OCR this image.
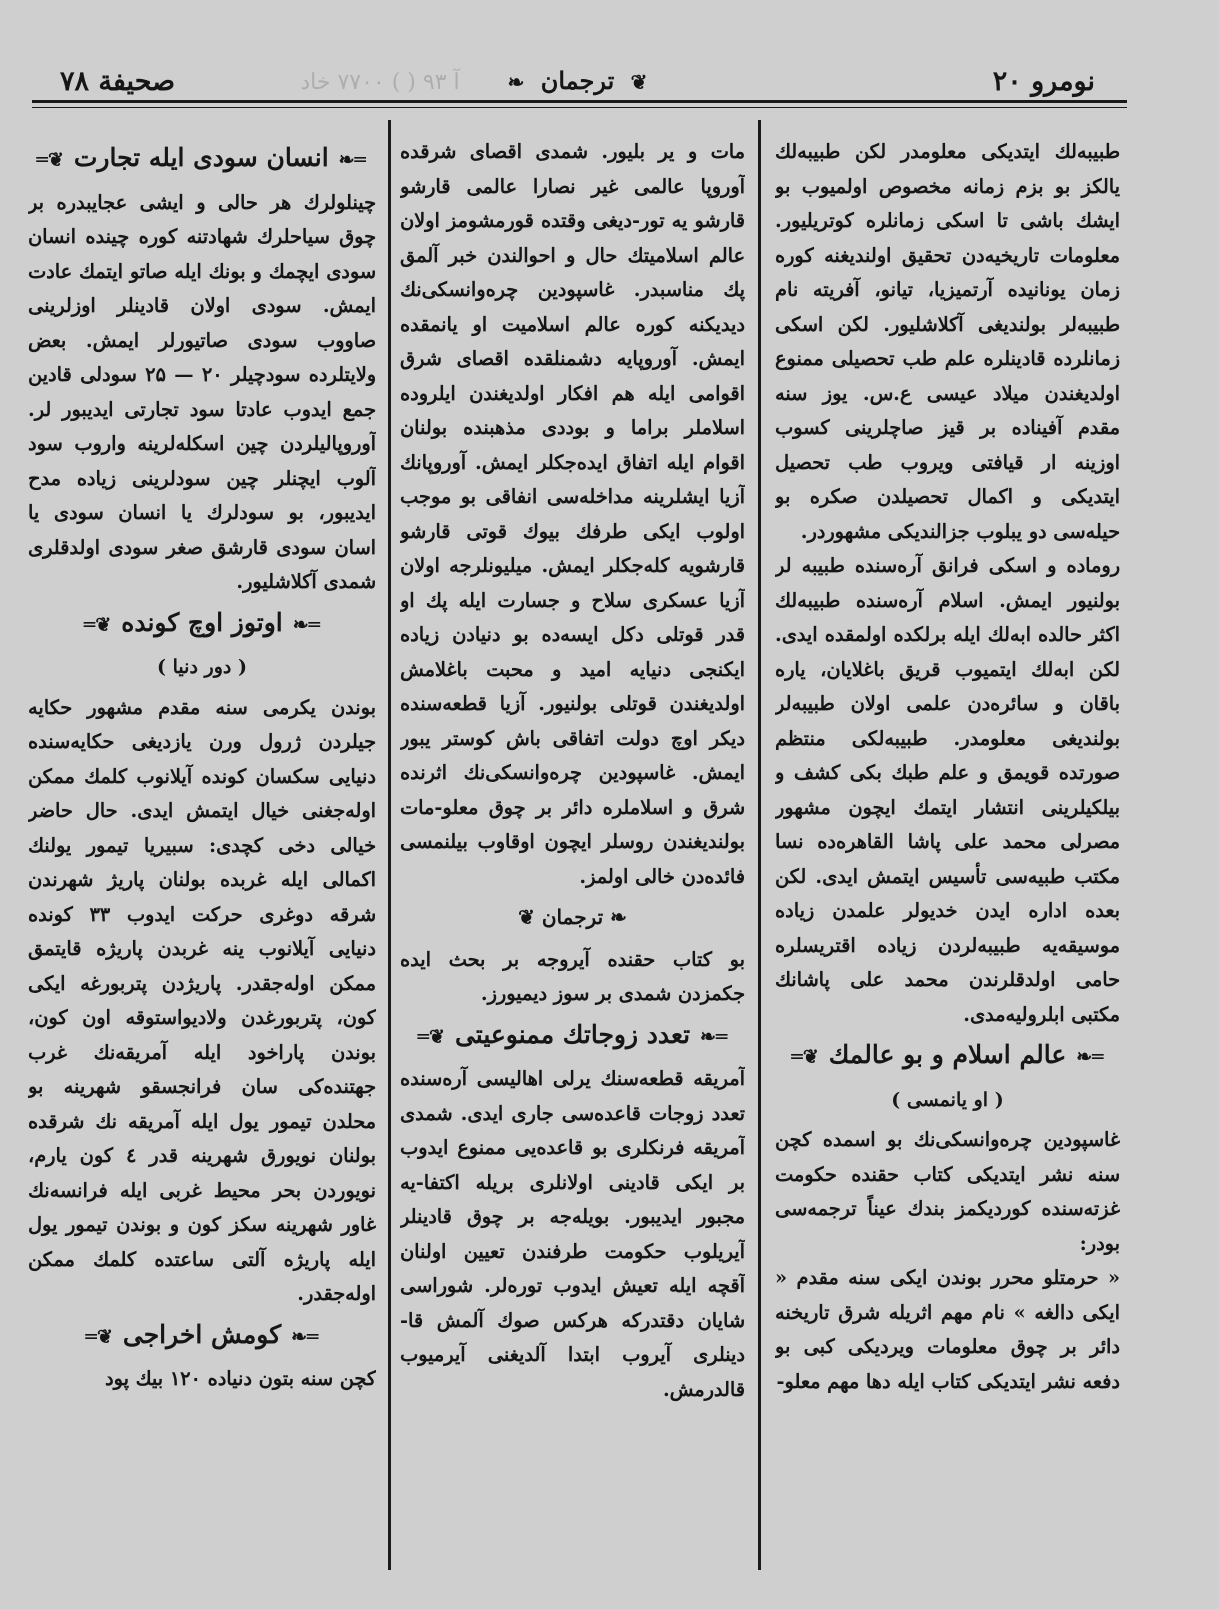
آ ۹۳ ( ) ٧٧٠٠ خاد
صحيفة ۷۸	❦ ترجمان ❧	نومرو ۲۰

طبيبه‌لك ايتديكى معلومدر لكن طبيبه‌لك يالكز بو بزم زمانه مخصوص اولميوب بو ايشك باشى تا اسكى زمانلره كوتريليور. معلومات تاريخيه‌دن تحقيق اولنديغنه كوره زمان يونانيده آرتميزيا، تيانو، آفريته نام طبيبه‌لر بولنديغى آكلاشليور. لكن اسكى زمانلرده قادينلره علم طب تحصيلى ممنوع اولديغندن ميلاد عيسى ع.س. يوز سنه مقدم آفيناده بر قيز صاچلرينى كسوب اوزينه ار قيافتى ويروب طب تحصيل ايتديكى و اكمال تحصيلدن صكره بو حيله‌سى دو يبلوب جزالنديكى مشهوردر.

رومادە و اسكى فرانق آره‌سنده طبيبه لر بولنيور ايمش. اسلام آره‌سنده طبيبه‌لك اكثر حالده ابه‌لك ايله برلكده اولمقده ايدى. لكن ابه‌لك ايتميوب قريق باغلايان، ياره باقان و سائره‌دن علمى اولان طبيبه‌لر بولنديغى معلومدر. طبيبه‌لكى منتظم صورتده قويمق و علم طبك بكى كشف و بيلكيلرينى انتشار ايتمك ايچون مشهور مصرلى محمد على پاشا القاهره‌ده نسا مكتب طبيه‌سى تأسيس ايتمش ايدى. لكن بعده اداره ايدن خديولر علمدن زياده موسيقه‌يه طبيبه‌لردن زياده اقتريسلره حامى اولدقلرندن محمد على پاشانك مكتبى ابلروليه‌مدى.

═❧عالم اسلام و بو عالمك❦═
( او يانمسى )

غاسپودين چرەوانسكى‌نك بو اسمده كچن سنه نشر ايتديكى كتاب حقنده حكومت غزته‌سنده كورديكمز بندك عيناً ترجمه‌سى بودر:

« حرمتلو محرر بوندن ايكى سنه مقدم « ايكى دالغه » نام مهم اثريله شرق تاريخنه دائر بر چوق معلومات ويرديكى كبى بو دفعه نشر ايتديكى كتاب ايله دها مهم معلو-

مات و ير بليور. شمدى اقصاى شرقده آوروپا عالمى غير نصارا عالمى قارشو قارشو يه تور-ديغى وقتده قورمشومز اولان عالم اسلاميتك حال و احوالندن خبر آلمق پك مناسبدر. غاسپودين چرەوانسكى‌نك ديديكنه كوره عالم اسلاميت او يانمقده ايمش. آوروپايه دشمنلقده اقصاى شرق اقوامى ايله هم افكار اولديغندن ايلروده اسلاملر براما و بوددى مذهبنده بولنان اقوام ايله اتفاق ايده‌جكلر ايمش. آوروپانك آزيا ايشلرينه مداخله‌سى انفاقى بو موجب اولوب ايكى طرفك بيوك قوتى قارشو قارشويه كله‌جكلر ايمش. ميليونلرجه اولان آزيا عسكرى سلاح و جسارت ايله پك او قدر قوتلى دكل ايسه‌ده بو دنيادن زياده ايكنجى دنيايه اميد و محبت باغلامش اولديغندن قوتلى بولنيور. آزيا قطعه‌سنده ديكر اوچ دولت اتفاقى باش كوستر يبور ايمش. غاسپودين چرەوانسكى‌نك اثرنده شرق و اسلاملره دائر بر چوق معلو-مات بولنديغندن روسلر ايچون اوقاوب بيلنمسى فائده‌دن خالى اولمز.

❧ ترجمان ❦

بو كتاب حقنده آيروجه بر بحث ايده جكمزدن شمدى بر سوز ديميورز.

═❧تعدد زوجاتك ممنوعيتى❦═

آمريقه قطعه‌سنك يرلى اهاليسى آره‌سنده تعدد زوجات قاعده‌سى جارى ايدى. شمدى آمريقه فرنكلرى بو قاعده‌يى ممنوع ايدوب بر ايكى قادينى اولانلرى بريله اكتفا-يه مجبور ايديبور. بويله‌جه بر چوق قادينلر آيريلوب حكومت طرفندن تعيين اولنان آقچه ايله تعيش ايدوب تورەلر. شوراسى شايان دقتدركه هركس صوك آلمش قا-دينلرى آيروب ابتدا آلديغنى آيرميوب قالدرمش.

═❧انسان سودى ايله تجارت❦═

چينلولرك هر حالى و ايشى عجايبدره بر چوق سياحلرك شهادتنه كوره چينده انسان سودى ايچمك و بونك ايله صاتو ايتمك عادت ايمش. سودى اولان قادينلر اوزلرينى صاووب سودى صاتيورلر ايمش. بعض ولايتلرده سودچيلر ۲۰ — ۲۵ سودلى قادين جمع ايدوب عادتا سود تجارتى ايديبور لر. آوروپاليلردن چين اسكله‌لرينه واروب سود آلوب ايچنلر چين سودلرينى زياده مدح ايديبور، بو سودلرك يا انسان سودى يا اسان سودى قارشق صغر سودى اولدقلرى شمدى آكلاشليور.

═❧اوتوز اوچ كونده❦═
( دور دنيا )

بوندن يكرمى سنه مقدم مشهور حكايه جيلردن ژرول ورن يازديغى حكايه‌سنده دنيايى سكسان كونده آيلانوب كلمك ممكن اوله‌جغنى خيال ايتمش ايدى. حال حاضر خيالى دخى كچدى: سبيريا تيمور يولنك اكمالى ايله غربده بولنان پاريژ شهرندن شرقه دوغرى حركت ايدوب ۳۳ كونده دنيايى آيلانوب ينه غربدن پاريژه قايتمق ممكن اوله‌جقدر. پاريژدن پتربورغه ايكى كون، پتربورغدن ولاديواستوقه اون كون، بوندن پاراخود ايله آمريقه‌نك غرب جهتنده‌كى سان فرانجسقو شهرينه بو محلدن تيمور يول ايله آمريقه نك شرقده بولنان نويورق شهرينه قدر ٤ كون يارم، نويوردن بحر محيط غربى ايله فرانسه‌نك غاور شهرينه سكز كون و بوندن تيمور يول ايله پاريژه آلتى ساعتده كلمك ممكن اوله‌جقدر.

═❧كومش اخراجى❦═

كچن سنه بتون دنياده ۱۲۰ بيك پود
